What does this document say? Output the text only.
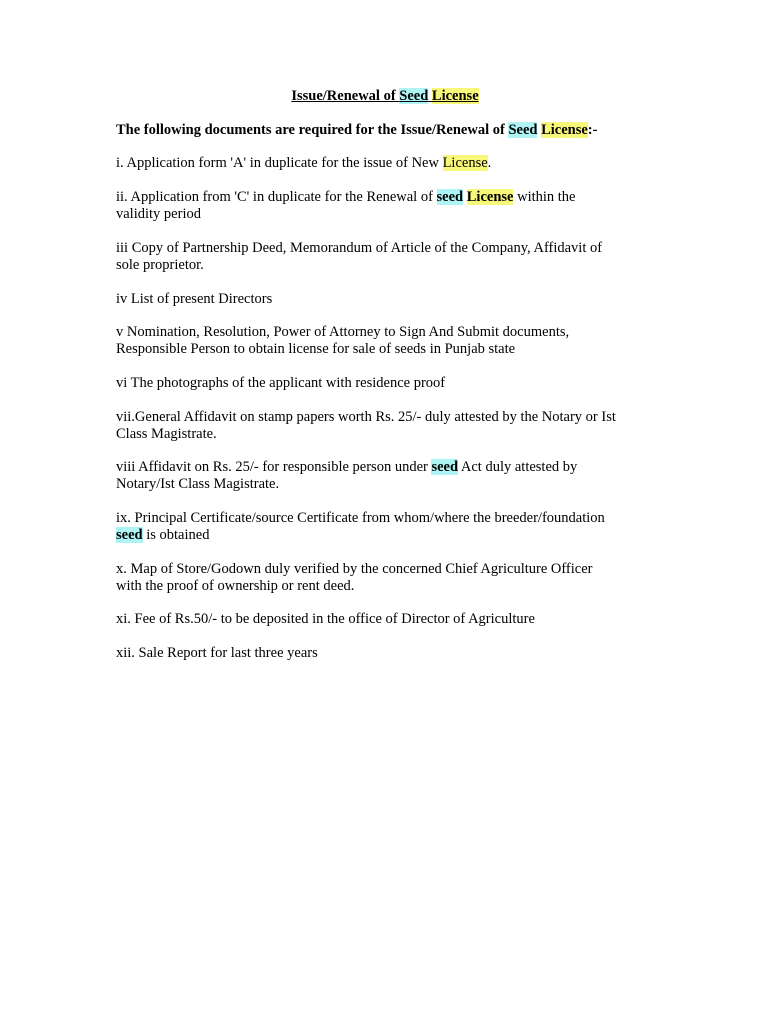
Issue/Renewal of Seed License
The following documents are required for the Issue/Renewal of Seed License:-
i. Application form 'A' in duplicate for the issue of New License.
ii. Application from 'C' in duplicate for the Renewal of seed License within the
validity period
iii Copy of Partnership Deed, Memorandum of Article of the Company, Affidavit of
sole proprietor.
iv List of present Directors
v Nomination, Resolution, Power of Attorney to Sign And Submit documents,
Responsible Person to obtain license for sale of seeds in Punjab state
vi The photographs of the applicant with residence proof
vii.General Affidavit on stamp papers worth Rs. 25/- duly attested by the Notary or Ist
Class Magistrate.
viii Affidavit on Rs. 25/- for responsible person under seed Act duly attested by
Notary/Ist Class Magistrate.
ix. Principal Certificate/source Certificate from whom/where the breeder/foundation
seed is obtained
x. Map of Store/Godown duly verified by the concerned Chief Agriculture Officer
with the proof of ownership or rent deed.
xi. Fee of Rs.50/- to be deposited in the office of Director of Agriculture
xii. Sale Report for last three years
